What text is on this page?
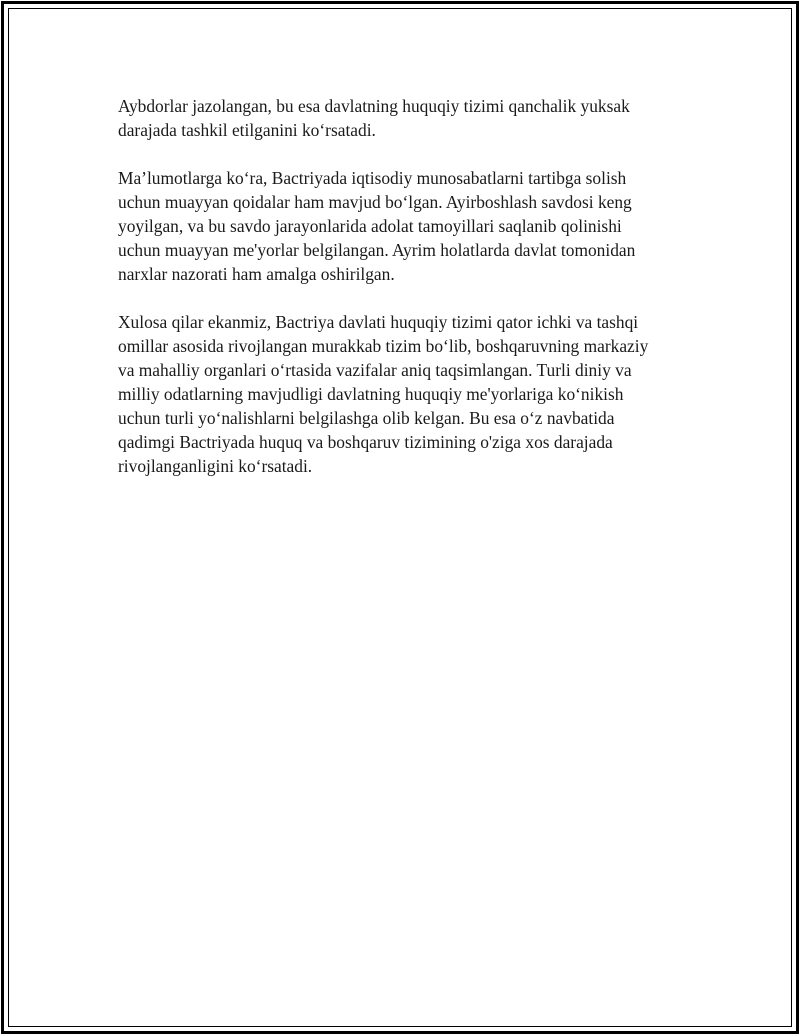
Aybdorlar jazolangan, bu esa davlatning huquqiy tizimi qanchalik yuksak
darajada tashkil etilganini ko‘rsatadi.

Ma’lumotlarga ko‘ra, Bactriyada iqtisodiy munosabatlarni tartibga solish
uchun muayyan qoidalar ham mavjud bo‘lgan. Ayirboshlash savdosi keng
yoyilgan, va bu savdo jarayonlarida adolat tamoyillari saqlanib qolinishi
uchun muayyan me'yorlar belgilangan. Ayrim holatlarda davlat tomonidan
narxlar nazorati ham amalga oshirilgan.

Xulosa qilar ekanmiz, Bactriya davlati huquqiy tizimi qator ichki va tashqi
omillar asosida rivojlangan murakkab tizim bo‘lib, boshqaruvning markaziy
va mahalliy organlari o‘rtasida vazifalar aniq taqsimlangan. Turli diniy va
milliy odatlarning mavjudligi davlatning huquqiy me'yorlariga ko‘nikish
uchun turli yo‘nalishlarni belgilashga olib kelgan. Bu esa o‘z navbatida
qadimgi Bactriyada huquq va boshqaruv tizimining o'ziga xos darajada
rivojlanganligini ko‘rsatadi.
